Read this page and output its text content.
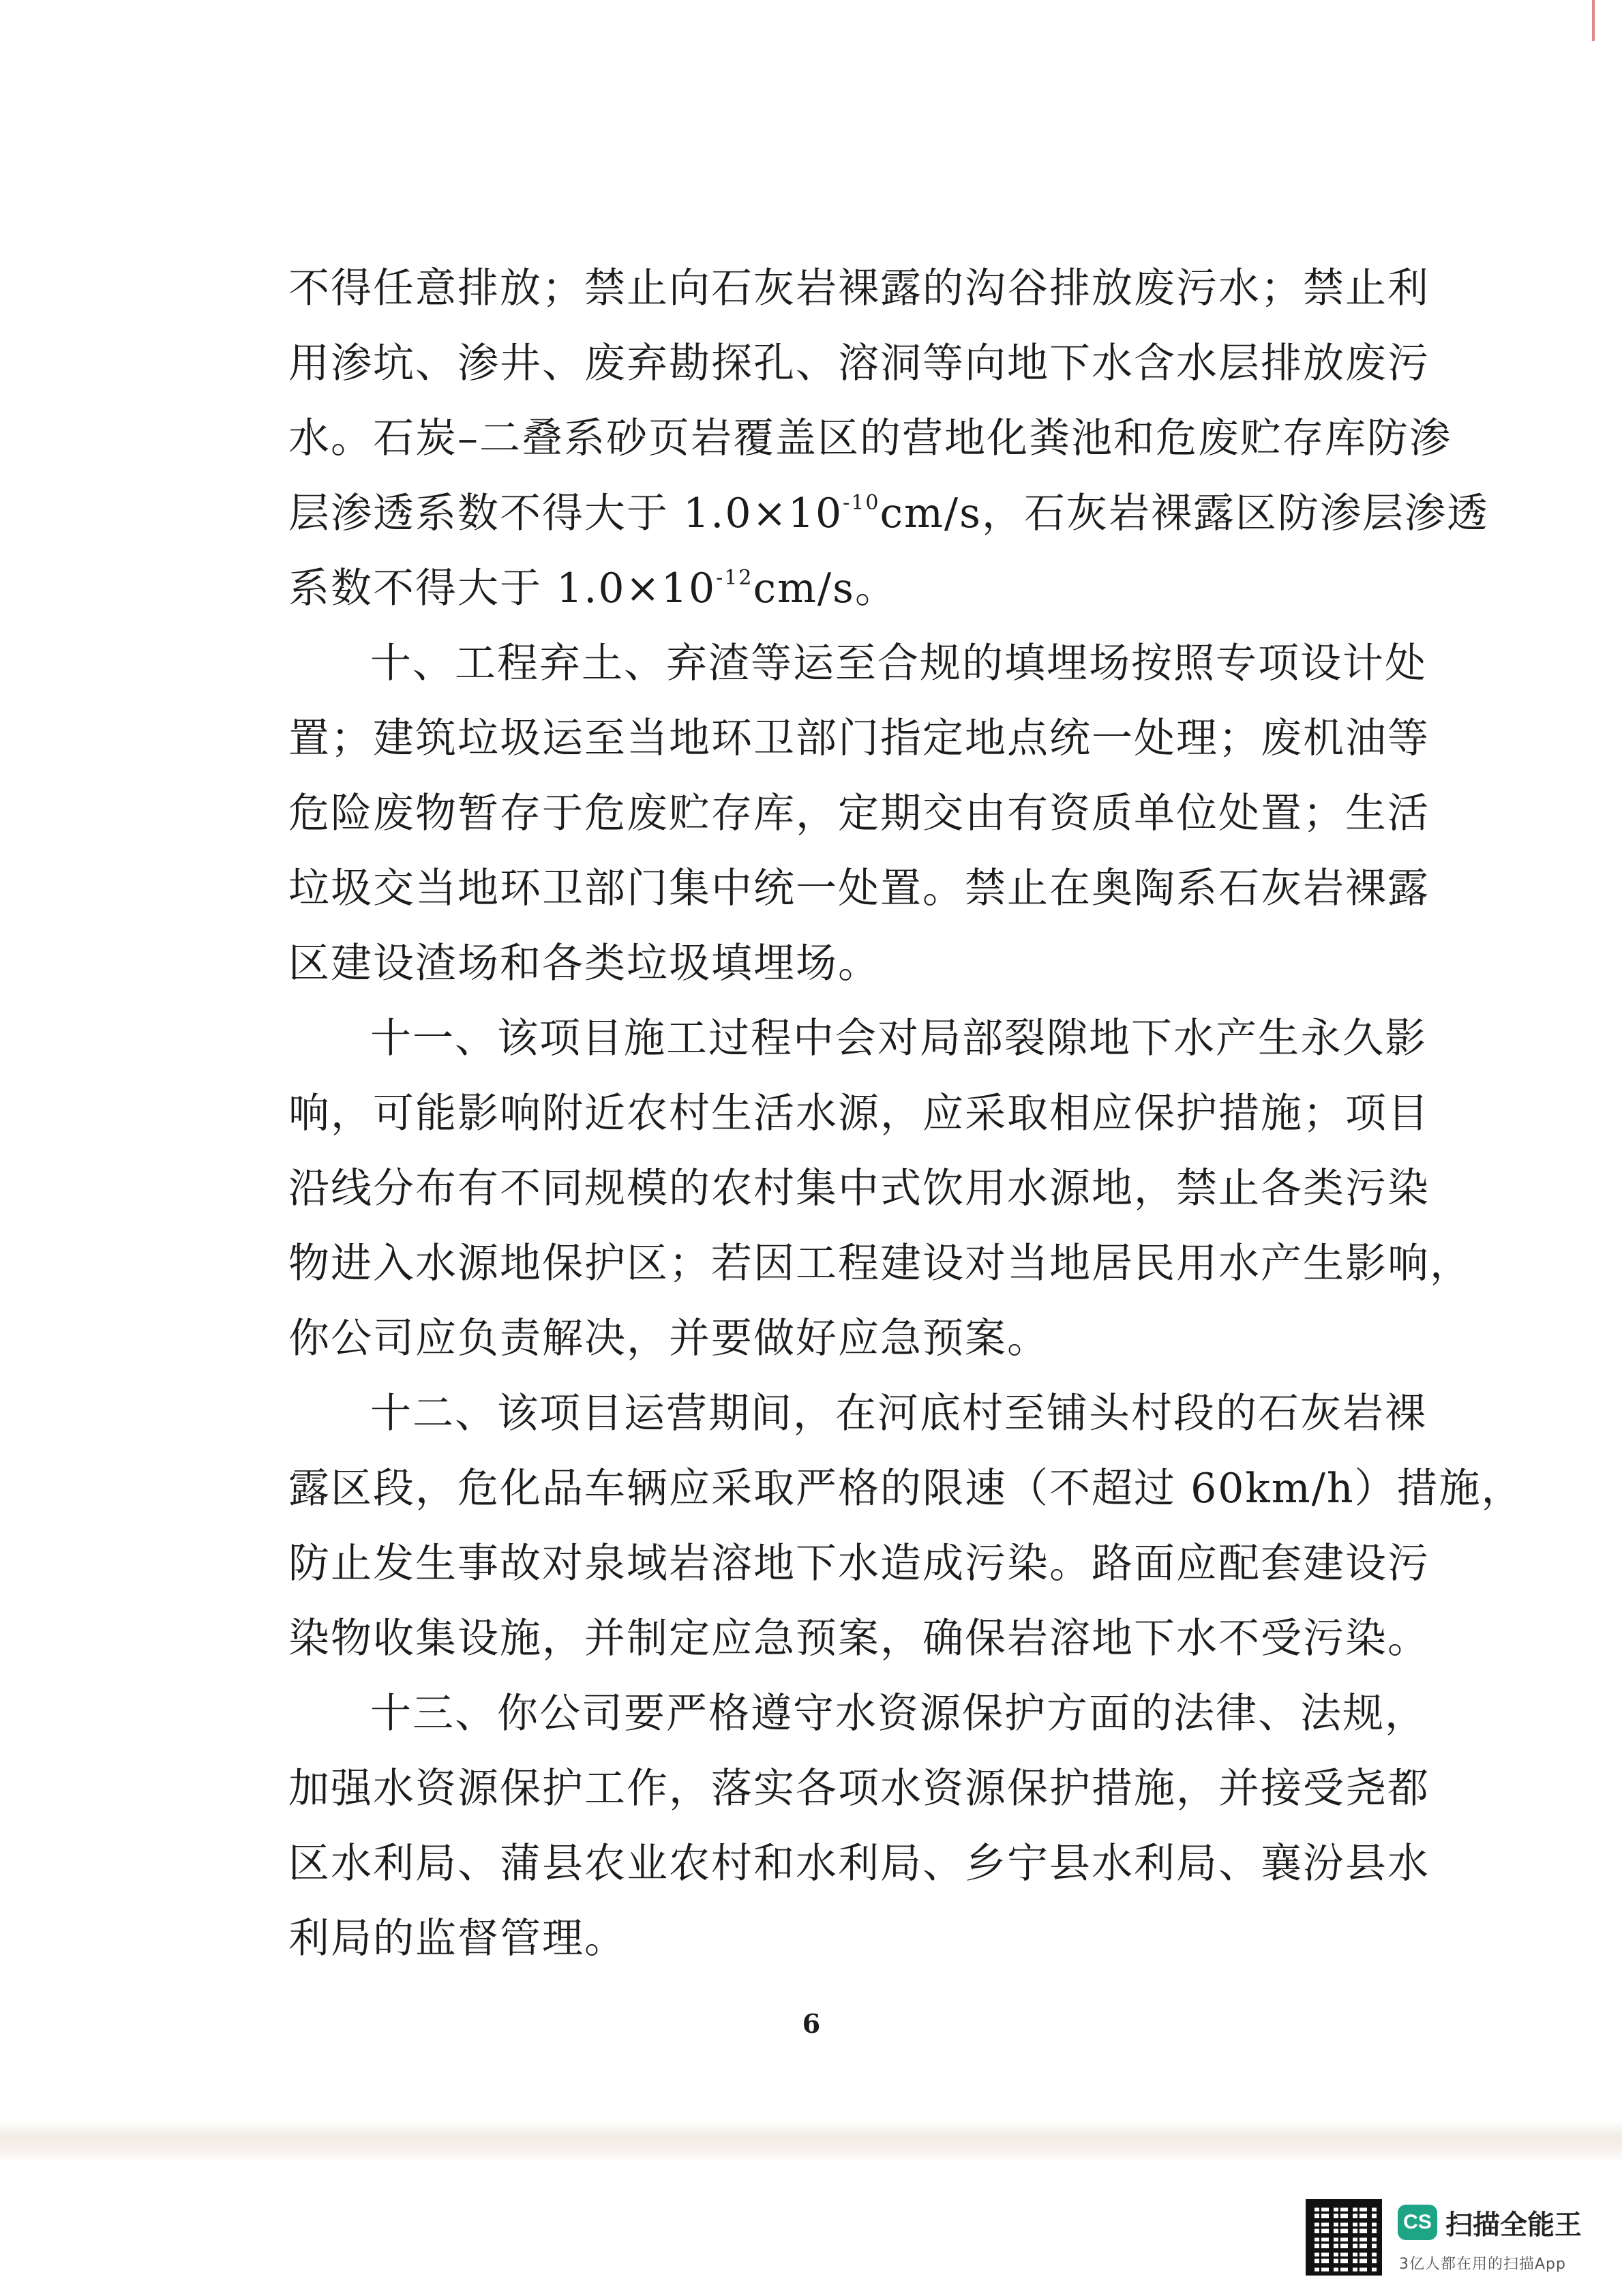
不得任意排放；禁止向石灰岩裸露的沟谷排放废污水；禁止利
用渗坑、渗井、废弃勘探孔、溶洞等向地下水含水层排放废污
水。石炭–二叠系砂页岩覆盖区的营地化粪池和危废贮存库防渗
层渗透系数不得大于 $1.0\times 10^{-10}cm/s$，石灰岩裸露区防渗层渗透
系数不得大于 $1.0\times 10^{-12}cm/s$。
十、工程弃土、弃渣等运至合规的填埋场按照专项设计处
置；建筑垃圾运至当地环卫部门指定地点统一处理；废机油等
危险废物暂存于危废贮存库，定期交由有资质单位处置；生活
垃圾交当地环卫部门集中统一处置。禁止在奥陶系石灰岩裸露
区建设渣场和各类垃圾填埋场。
十一、该项目施工过程中会对局部裂隙地下水产生永久影
响，可能影响附近农村生活水源，应采取相应保护措施；项目
沿线分布有不同规模的农村集中式饮用水源地，禁止各类污染
物进入水源地保护区；若因工程建设对当地居民用水产生影响，
你公司应负责解决，并要做好应急预案。
十二、该项目运营期间，在河底村至铺头村段的石灰岩裸
露区段，危化品车辆应采取严格的限速（不超过 60km/h）措施，
防止发生事故对泉域岩溶地下水造成污染。路面应配套建设污
染物收集设施，并制定应急预案，确保岩溶地下水不受污染。
十三、你公司要严格遵守水资源保护方面的法律、法规，
加强水资源保护工作，落实各项水资源保护措施，并接受尧都
区水利局、蒲县农业农村和水利局、乡宁县水利局、襄汾县水
利局的监督管理。
6
CS 扫描全能王
3亿人都在用的扫描App
